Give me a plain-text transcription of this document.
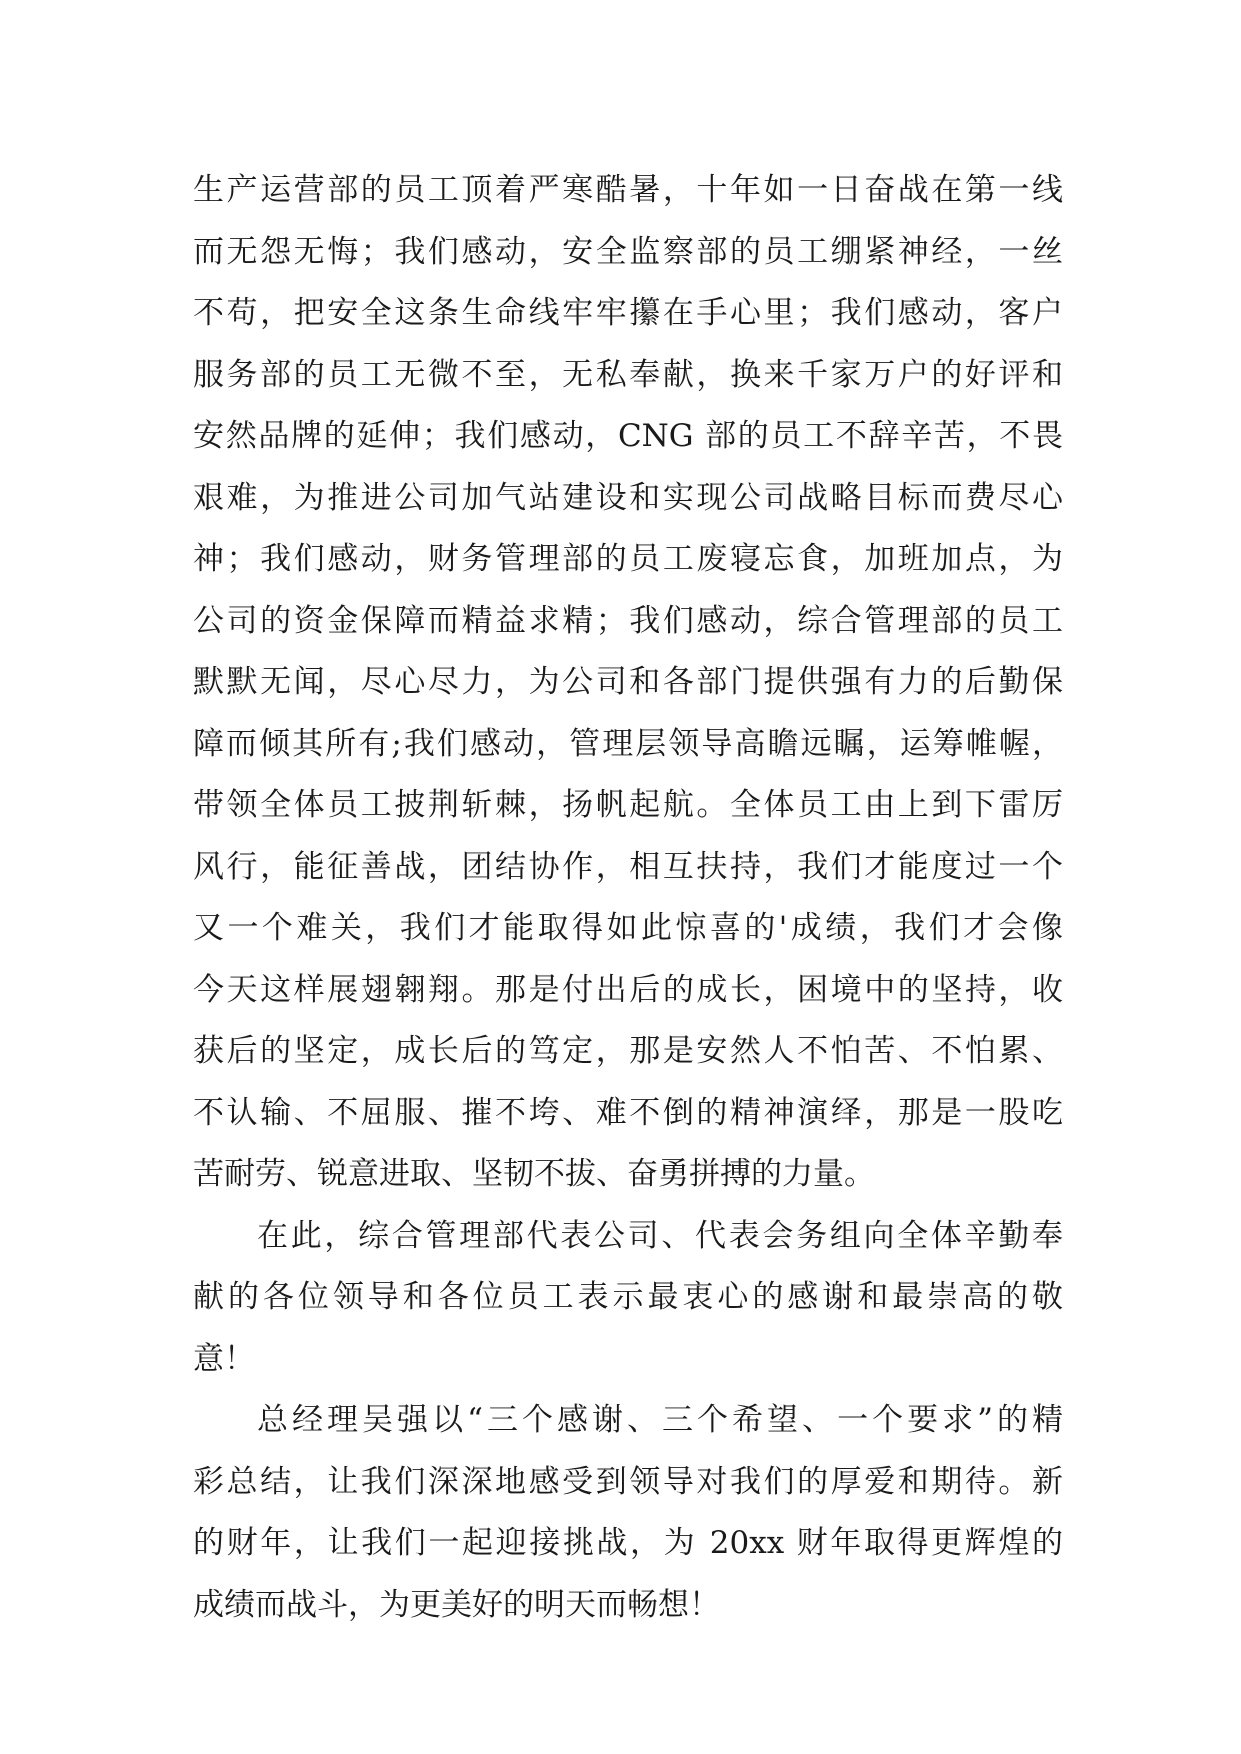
生产运营部的员工顶着严寒酷暑，十年如一日奋战在第一线
而无怨无悔；我们感动，安全监察部的员工绷紧神经，一丝
不苟，把安全这条生命线牢牢攥在手心里；我们感动，客户
服务部的员工无微不至，无私奉献，换来千家万户的好评和
安然品牌的延伸；我们感动，CNG 部的员工不辞辛苦，不畏
艰难，为推进公司加气站建设和实现公司战略目标而费尽心
神；我们感动，财务管理部的员工废寝忘食，加班加点，为
公司的资金保障而精益求精；我们感动，综合管理部的员工
默默无闻，尽心尽力，为公司和各部门提供强有力的后勤保
障而倾其所有;我们感动，管理层领导高瞻远瞩，运筹帷幄，
带领全体员工披荆斩棘，扬帆起航。全体员工由上到下雷厉
风行，能征善战，团结协作，相互扶持，我们才能度过一个
又一个难关，我们才能取得如此惊喜的'成绩，我们才会像
今天这样展翅翱翔。那是付出后的成长，困境中的坚持，收
获后的坚定，成长后的笃定，那是安然人不怕苦、不怕累、
不认输、不屈服、摧不垮、难不倒的精神演绎，那是一股吃
苦耐劳、锐意进取、坚韧不拔、奋勇拼搏的力量。
在此，综合管理部代表公司、代表会务组向全体辛勤奉
献的各位领导和各位员工表示最衷心的感谢和最崇高的敬
意！
总经理吴强以“三个感谢、三个希望、一个要求”的精
彩总结，让我们深深地感受到领导对我们的厚爱和期待。新
的财年，让我们一起迎接挑战，为 20xx 财年取得更辉煌的
成绩而战斗，为更美好的明天而畅想！
